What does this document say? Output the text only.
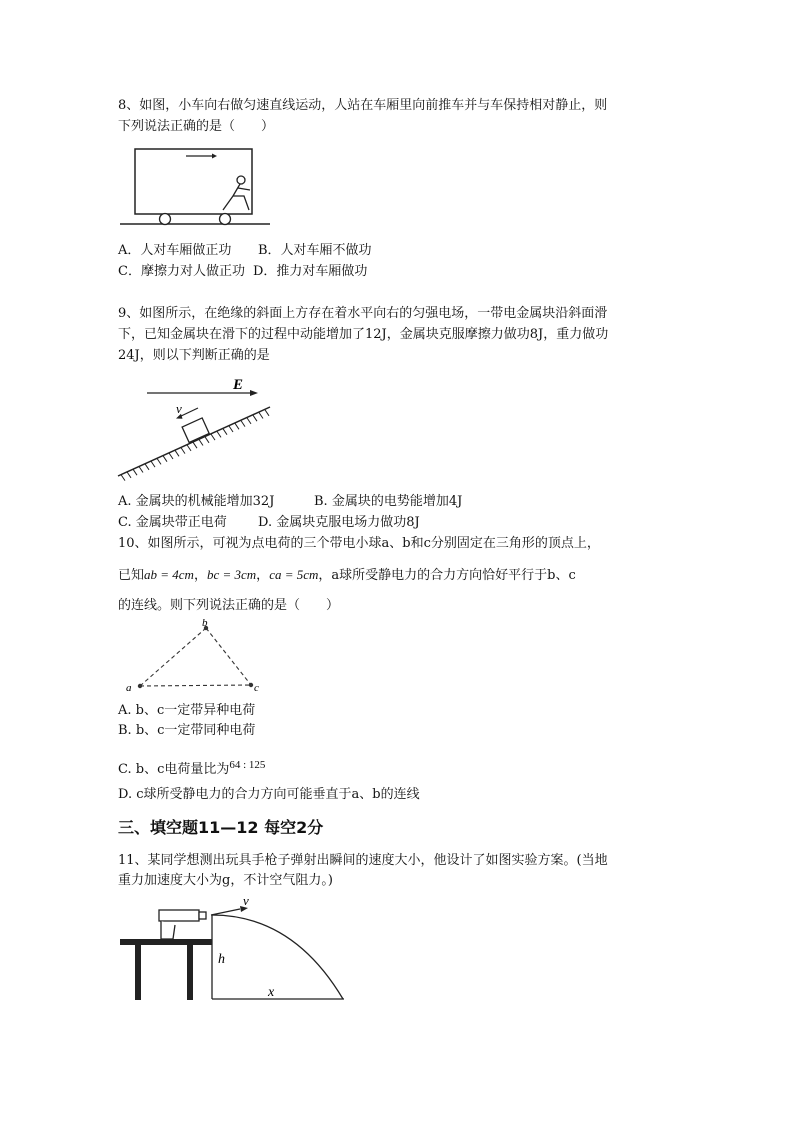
8、如图，小车向右做匀速直线运动，人站在车厢里向前推车并与车保持相对静止，则
下列说法正确的是（　　）
A．人对车厢做正功 B．人对车厢不做功
C．摩擦力对人做正功 D．推力对车厢做功
9、如图所示，在绝缘的斜面上方存在着水平向右的匀强电场，一带电金属块沿斜面滑
下，已知金属块在滑下的过程中动能增加了12J，金属块克服摩擦力做功8J，重力做功
24J，则以下判断正确的是
E
v
A. 金属块的机械能增加32J	B. 金属块的电势能增加4J
C. 金属块带正电荷 D. 金属块克服电场力做功8J
10、如图所示，可视为点电荷的三个带电小球a、b和c分别固定在三角形的顶点上，
已知ab = 4cm，bc = 3cm，ca = 5cm，a球所受静电力的合力方向恰好平行于b、c
的连线。则下列说法正确的是（　　）
a
b
c
A. b、c一定带异种电荷
B. b、c一定带同种电荷
C. b、c电荷量比为$^{64 : 125}$
D. c球所受静电力的合力方向可能垂直于a、b的连线
三、填空题11—12 每空2分
11、某同学想测出玩具手枪子弹射出瞬间的速度大小，他设计了如图实验方案。(当地
重力加速度大小为g，不计空气阻力。)
v
h
x
